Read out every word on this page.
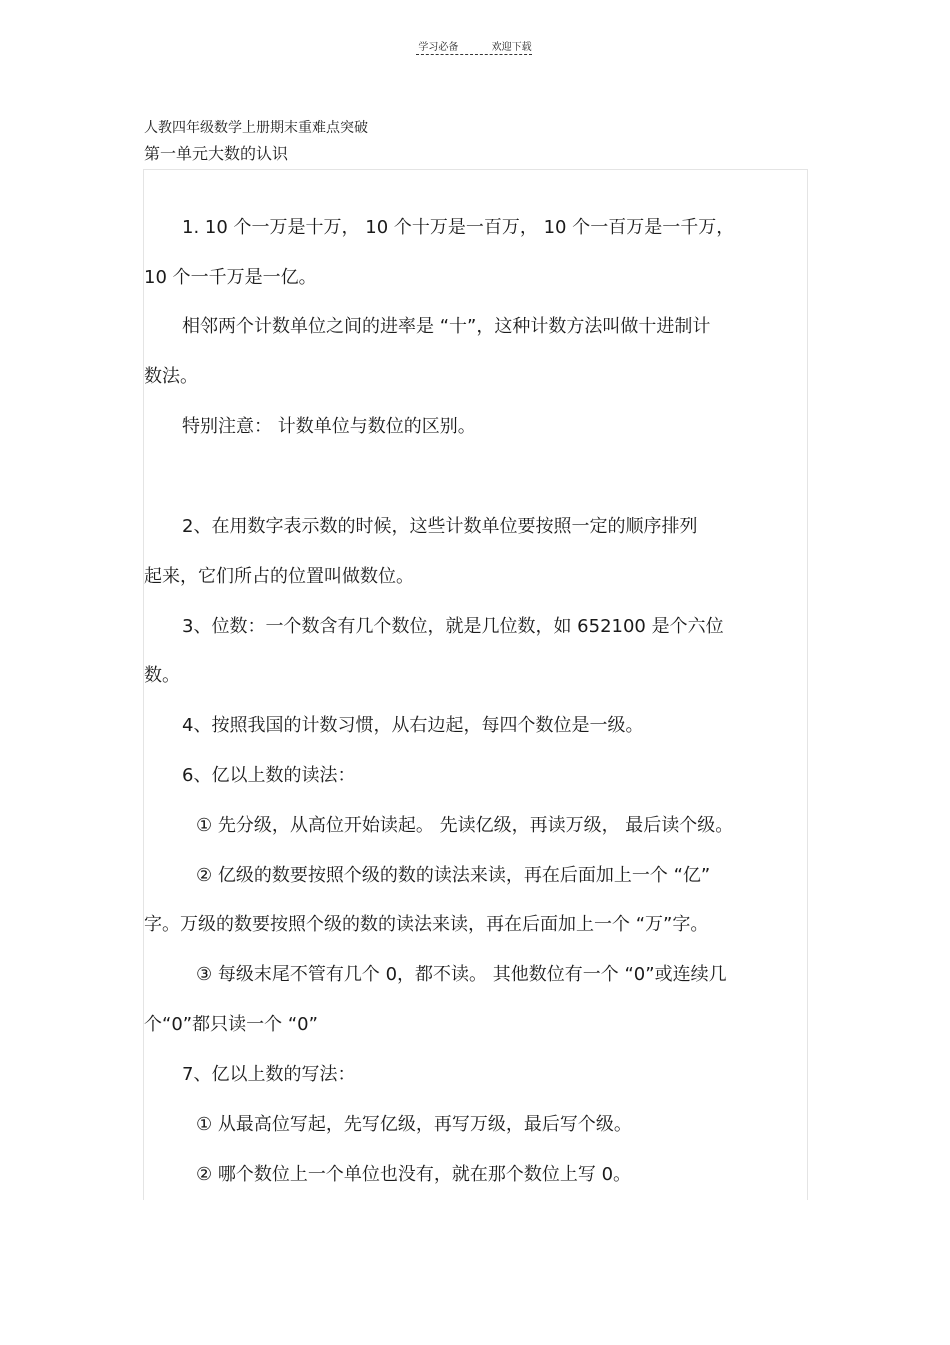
学习必备	欢迎下载
人教四年级数学上册期末重难点突破
第一单元大数的认识
1. 10 个一万是十万， 10 个十万是一百万， 10 个一百万是一千万，
10 个一千万是一亿。
相邻两个计数单位之间的进率是 “十”，这种计数方法叫做十进制计
数法。
特别注意： 计数单位与数位的区别。
2、在用数字表示数的时候，这些计数单位要按照一定的顺序排列
起来，它们所占的位置叫做数位。
3、位数：一个数含有几个数位，就是几位数，如 652100 是个六位
数。
4、按照我国的计数习惯，从右边起，每四个数位是一级。
6、亿以上数的读法：
① 先分级，从高位开始读起。 先读亿级，再读万级， 最后读个级。
② 亿级的数要按照个级的数的读法来读，再在后面加上一个 “亿”
字。万级的数要按照个级的数的读法来读，再在后面加上一个 “万”字。
③ 每级末尾不管有几个 0，都不读。 其他数位有一个 “0”或连续几
个“0”都只读一个 “0”
7、亿以上数的写法：
① 从最高位写起，先写亿级，再写万级，最后写个级。
② 哪个数位上一个单位也没有，就在那个数位上写 0。
